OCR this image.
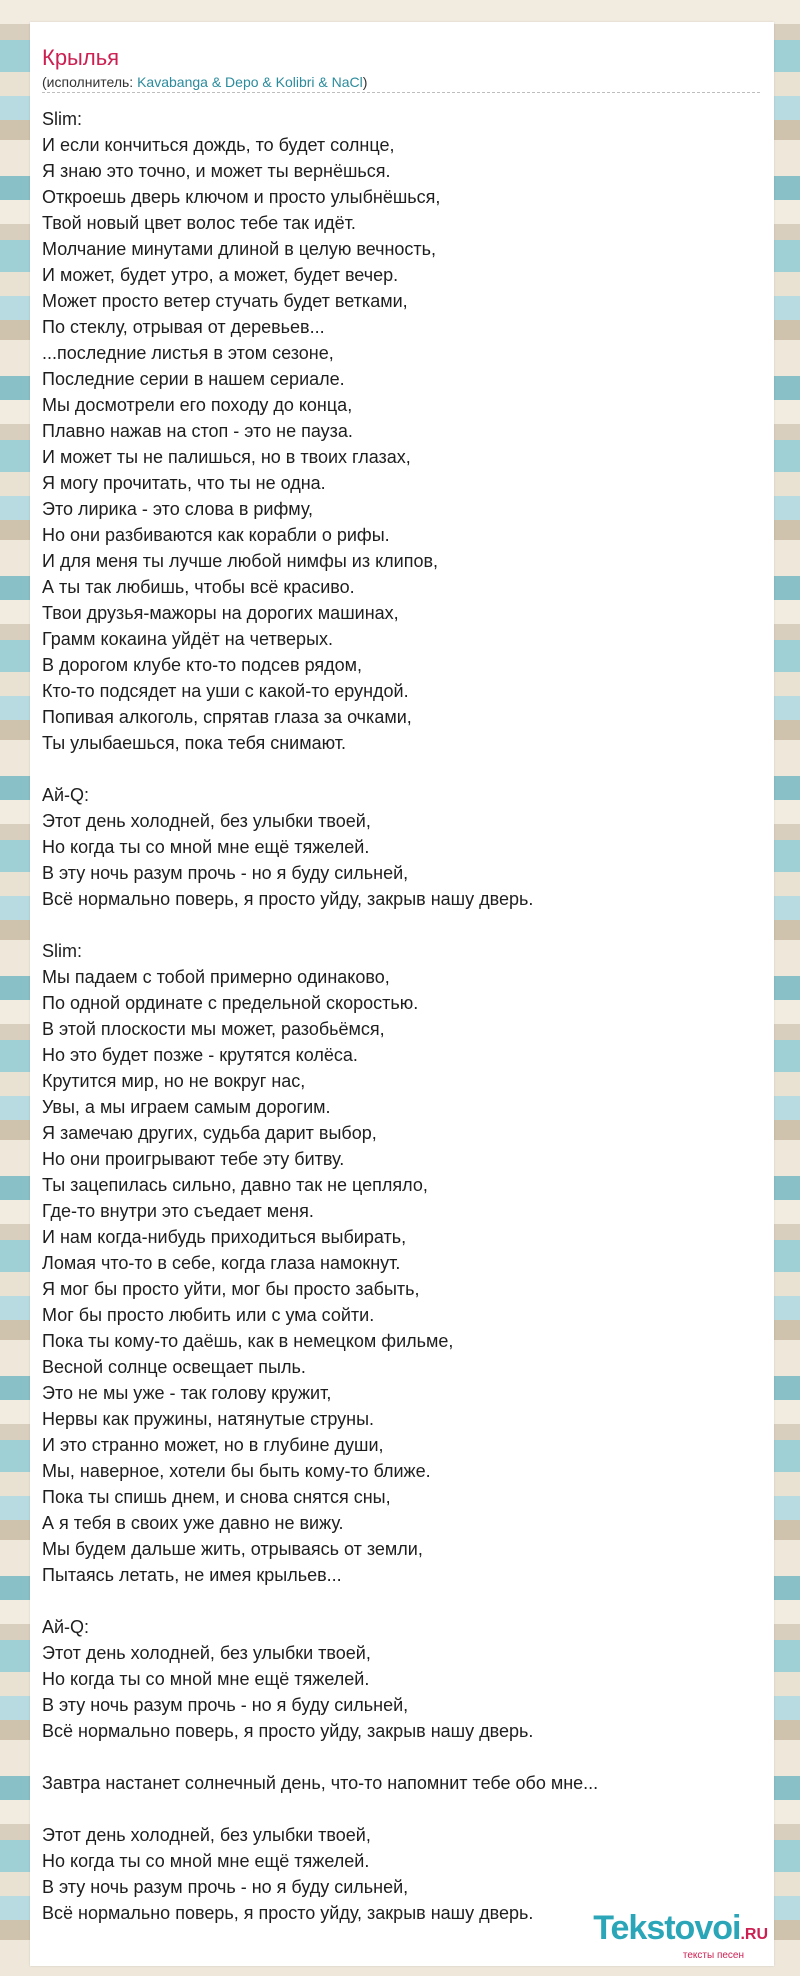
Крылья
(исполнитель: Kavabanga & Depo & Kolibri & NaCl)
Slim:
И если кончиться дождь, то будет солнце,
Я знаю это точно, и может ты вернёшься.
Откроешь дверь ключом и просто улыбнёшься,
Твой новый цвет волос тебе так идёт.
Молчание минутами длиной в целую вечность,
И может, будет утро, а может, будет вечер.
Может просто ветер стучать будет ветками,
По стеклу, отрывая от деревьев...
...последние листья в этом сезоне,
Последние серии в нашем сериале.
Мы досмотрели его походу до конца,
Плавно нажав на стоп - это не пауза.
И может ты не палишься, но в твоих глазах,
Я могу прочитать, что ты не одна.
Это лирика - это слова в рифму,
Но они разбиваются как корабли о рифы.
И для меня ты лучше любой нимфы из клипов,
А ты так любишь, чтобы всё красиво.
Твои друзья-мажоры на дорогих машинах,
Грамм кокаина уйдёт на четверых.
В дорогом клубе кто-то подсев рядом,
Кто-то подсядет на уши с какой-то ерундой.
Попивая алкоголь, спрятав глаза за очками,
Ты улыбаешься, пока тебя снимают.
Ай-Q:
Этот день холодней, без улыбки твоей,
Но когда ты со мной мне ещё тяжелей.
В эту ночь разум прочь - но я буду сильней,
Всё нормально поверь, я просто уйду, закрыв нашу дверь.
Slim:
Мы падаем с тобой примерно одинаково,
По одной ординате с предельной скоростью.
В этой плоскости мы может, разобьёмся,
Но это будет позже - крутятся колёса.
Крутится мир, но не вокруг нас,
Увы, а мы играем самым дорогим.
Я замечаю других, судьба дарит выбор,
Но они проигрывают тебе эту битву.
Ты зацепилась сильно, давно так не цепляло,
Где-то внутри это съедает меня.
И нам когда-нибудь приходиться выбирать,
Ломая что-то в себе, когда глаза намокнут.
Я мог бы просто уйти, мог бы просто забыть,
Мог бы просто любить или с ума сойти.
Пока ты кому-то даёшь, как в немецком фильме,
Весной солнце освещает пыль.
Это не мы уже - так голову кружит,
Нервы как пружины, натянутые струны.
И это странно может, но в глубине души,
Мы, наверное, хотели бы быть кому-то ближе.
Пока ты спишь днем, и снова снятся сны,
А я тебя в своих уже давно не вижу.
Мы будем дальше жить, отрываясь от земли,
Пытаясь летать, не имея крыльев...
Ай-Q:
Этот день холодней, без улыбки твоей,
Но когда ты со мной мне ещё тяжелей.
В эту ночь разум прочь - но я буду сильней,
Всё нормально поверь, я просто уйду, закрыв нашу дверь.
Завтра настанет солнечный день, что-то напомнит тебе обо мне...
Этот день холодней, без улыбки твоей,
Но когда ты со мной мне ещё тяжелей.
В эту ночь разум прочь - но я буду сильней,
Всё нормально поверь, я просто уйду, закрыв нашу дверь.	Tekstovoi.RU
тексты песен
